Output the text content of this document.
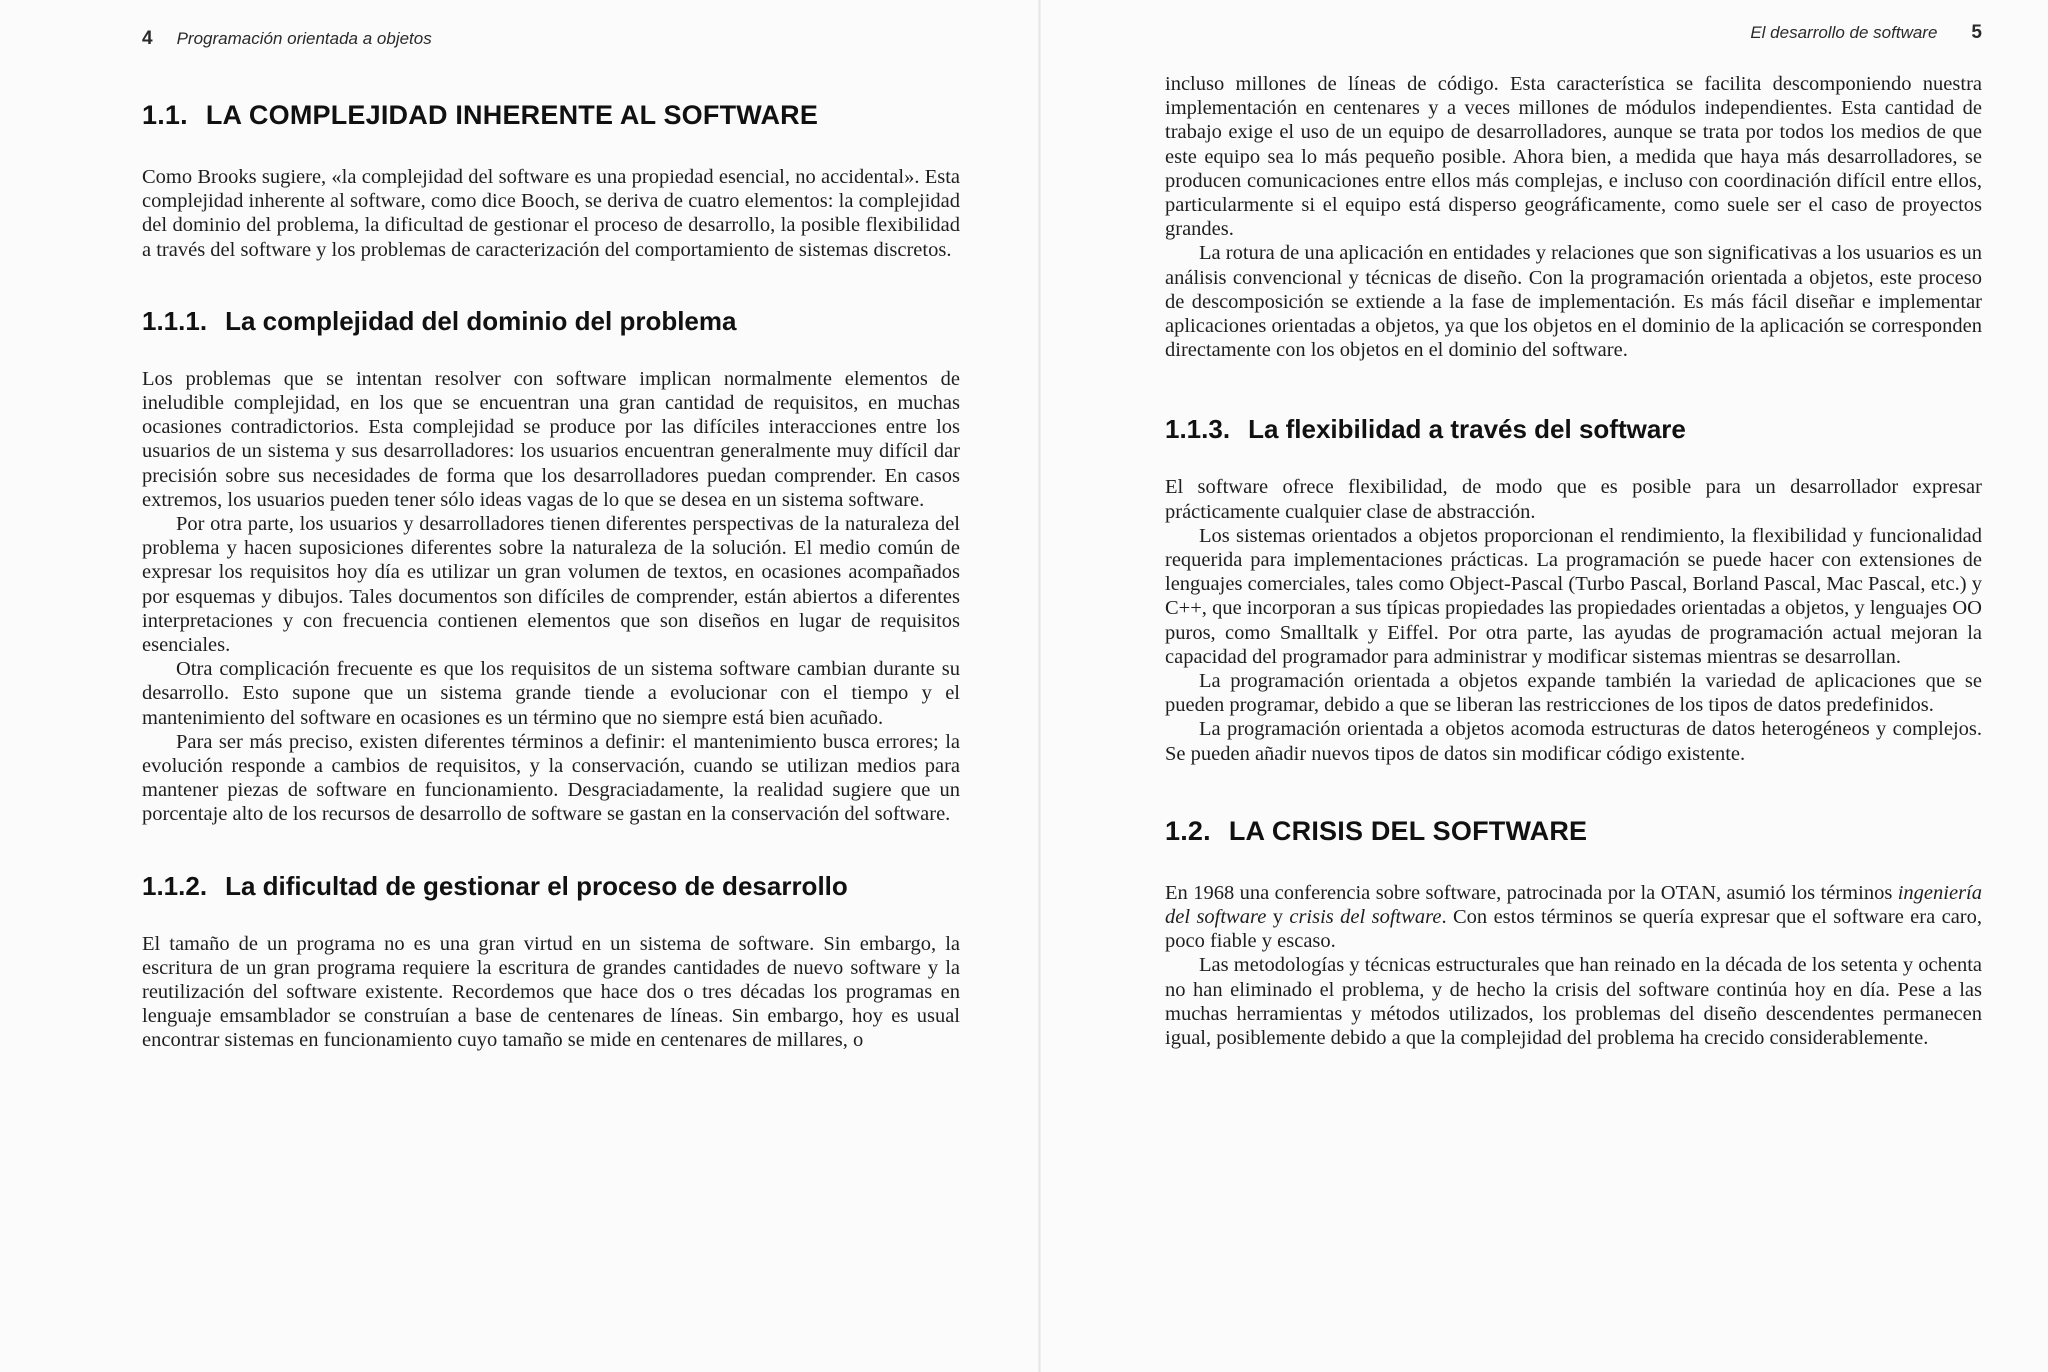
4 Programación orientada a objetos
1.1. LA COMPLEJIDAD INHERENTE AL SOFTWARE

Como Brooks sugiere, «la complejidad del software es una propiedad esencial, no accidental». Esta complejidad inherente al software, como dice Booch, se deriva de cuatro elementos: la complejidad del dominio del problema, la dificultad de gestionar el proceso de desarrollo, la posible flexibilidad a través del software y los problemas de caracterización del comportamiento de sistemas discretos.

1.1.1. La complejidad del dominio del problema

Los problemas que se intentan resolver con software implican normalmente elementos de ineludible complejidad, en los que se encuentran una gran cantidad de requisitos, en muchas ocasiones contradictorios. Esta complejidad se produce por las difíciles interacciones entre los usuarios de un sistema y sus desarrolladores: los usuarios encuentran generalmente muy difícil dar precisión sobre sus necesidades de forma que los desarrolladores puedan comprender. En casos extremos, los usuarios pueden tener sólo ideas vagas de lo que se desea en un sistema software.

Por otra parte, los usuarios y desarrolladores tienen diferentes perspectivas de la naturaleza del problema y hacen suposiciones diferentes sobre la naturaleza de la solución. El medio común de expresar los requisitos hoy día es utilizar un gran volumen de textos, en ocasiones acompañados por esquemas y dibujos. Tales documentos son difíciles de comprender, están abiertos a diferentes interpretaciones y con frecuencia contienen elementos que son diseños en lugar de requisitos esenciales.

Otra complicación frecuente es que los requisitos de un sistema software cambian durante su desarrollo. Esto supone que un sistema grande tiende a evolucionar con el tiempo y el mantenimiento del software en ocasiones es un término que no siempre está bien acuñado.

Para ser más preciso, existen diferentes términos a definir: el mantenimiento busca errores; la evolución responde a cambios de requisitos, y la conservación, cuando se utilizan medios para mantener piezas de software en funcionamiento. Desgraciadamente, la realidad sugiere que un porcentaje alto de los recursos de desarrollo de software se gastan en la conservación del software.

1.1.2. La dificultad de gestionar el proceso de desarrollo

El tamaño de un programa no es una gran virtud en un sistema de software. Sin embargo, la escritura de un gran programa requiere la escritura de grandes cantidades de nuevo software y la reutilización del software existente. Recordemos que hace dos o tres décadas los programas en lenguaje emsamblador se construían a base de centenares de líneas. Sin embargo, hoy es usual encontrar sistemas en funcionamiento cuyo tamaño se mide en centenares de millares, o

El desarrollo de software 5

incluso millones de líneas de código. Esta característica se facilita descomponiendo nuestra implementación en centenares y a veces millones de módulos independientes. Esta cantidad de trabajo exige el uso de un equipo de desarrolladores, aunque se trata por todos los medios de que este equipo sea lo más pequeño posible. Ahora bien, a medida que haya más desarrolladores, se producen comunicaciones entre ellos más complejas, e incluso con coordinación difícil entre ellos, particularmente si el equipo está disperso geográficamente, como suele ser el caso de proyectos grandes.

La rotura de una aplicación en entidades y relaciones que son significativas a los usuarios es un análisis convencional y técnicas de diseño. Con la programación orientada a objetos, este proceso de descomposición se extiende a la fase de implementación. Es más fácil diseñar e implementar aplicaciones orientadas a objetos, ya que los objetos en el dominio de la aplicación se corresponden directamente con los objetos en el dominio del software.

1.1.3. La flexibilidad a través del software

El software ofrece flexibilidad, de modo que es posible para un desarrollador expresar prácticamente cualquier clase de abstracción.

Los sistemas orientados a objetos proporcionan el rendimiento, la flexibilidad y funcionalidad requerida para implementaciones prácticas. La programación se puede hacer con extensiones de lenguajes comerciales, tales como Object-Pascal (Turbo Pascal, Borland Pascal, Mac Pascal, etc.) y C++, que incorporan a sus típicas propiedades las propiedades orientadas a objetos, y lenguajes OO puros, como Smalltalk y Eiffel. Por otra parte, las ayudas de programación actual mejoran la capacidad del programador para administrar y modificar sistemas mientras se desarrollan.

La programación orientada a objetos expande también la variedad de aplicaciones que se pueden programar, debido a que se liberan las restricciones de los tipos de datos predefinidos.

La programación orientada a objetos acomoda estructuras de datos heterogéneos y complejos. Se pueden añadir nuevos tipos de datos sin modificar código existente.

1.2. LA CRISIS DEL SOFTWARE

En 1968 una conferencia sobre software, patrocinada por la OTAN, asumió los términos ingeniería del software y crisis del software. Con estos términos se quería expresar que el software era caro, poco fiable y escaso.

Las metodologías y técnicas estructurales que han reinado en la década de los setenta y ochenta no han eliminado el problema, y de hecho la crisis del software continúa hoy en día. Pese a las muchas herramientas y métodos utilizados, los problemas del diseño descendentes permanecen igual, posiblemente debido a que la complejidad del problema ha crecido considerablemente.
